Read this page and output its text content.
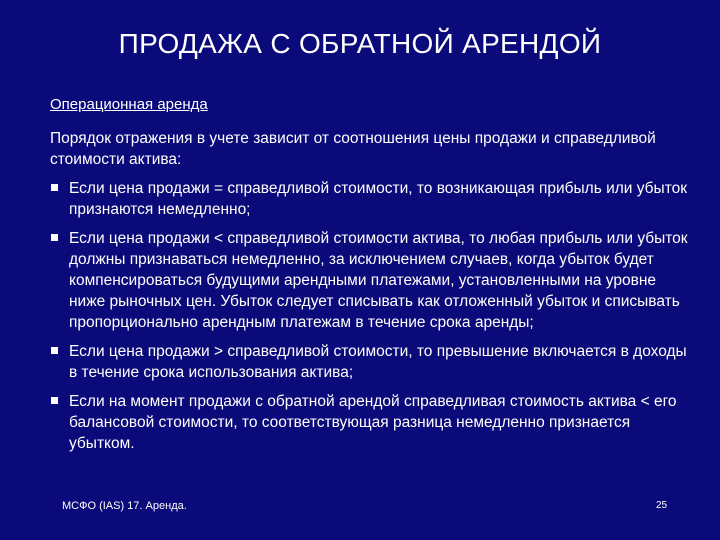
ПРОДАЖА С ОБРАТНОЙ АРЕНДОЙ
Операционная аренда
Порядок отражения в учете зависит от соотношения цены продажи и справедливой стоимости актива:
Если цена продажи = справедливой стоимости, то возникающая прибыль или убыток признаются немедленно;
Если цена продажи < справедливой стоимости актива, то любая прибыль или убыток должны признаваться немедленно, за исключением случаев, когда убыток будет компенсироваться будущими арендными платежами, установленными на уровне ниже рыночных цен. Убыток следует списывать как отложенный убыток и списывать пропорционально арендным платежам в течение срока аренды;
Если цена продажи > справедливой стоимости, то превышение включается в доходы в течение срока использования актива;
Если на момент продажи с обратной арендой справедливая стоимость актива < его балансовой стоимости, то соответствующая разница немедленно признается убытком.
МСФО (IAS) 17. Аренда.	25
